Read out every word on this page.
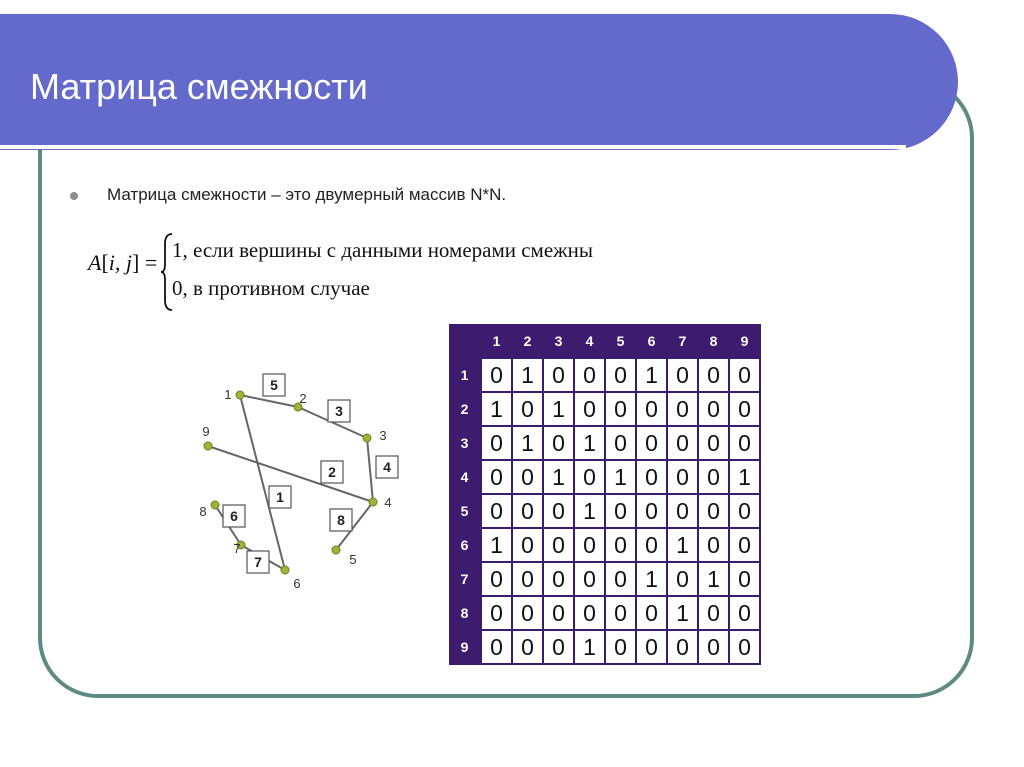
Матрица смежности
Матрица смежности – это двумерный массив N*N.
A[i, j] = 1, если вершины с данными номерами смежны
0, в противном случае
5
3
4
2
1
8
6
7
1	2
3
4
5
6
7
8
9
	1	2	3	4	5	6	7	8	9
1	0	1	0	0	0	1	0	0	0
2	1	0	1	0	0	0	0	0	0
3	0	1	0	1	0	0	0	0	0
4	0	0	1	0	1	0	0	0	1
5	0	0	0	1	0	0	0	0	0
6	1	0	0	0	0	0	1	0	0
7	0	0	0	0	0	1	0	1	0
8	0	0	0	0	0	0	1	0	0
9	0	0	0	1	0	0	0	0	0
